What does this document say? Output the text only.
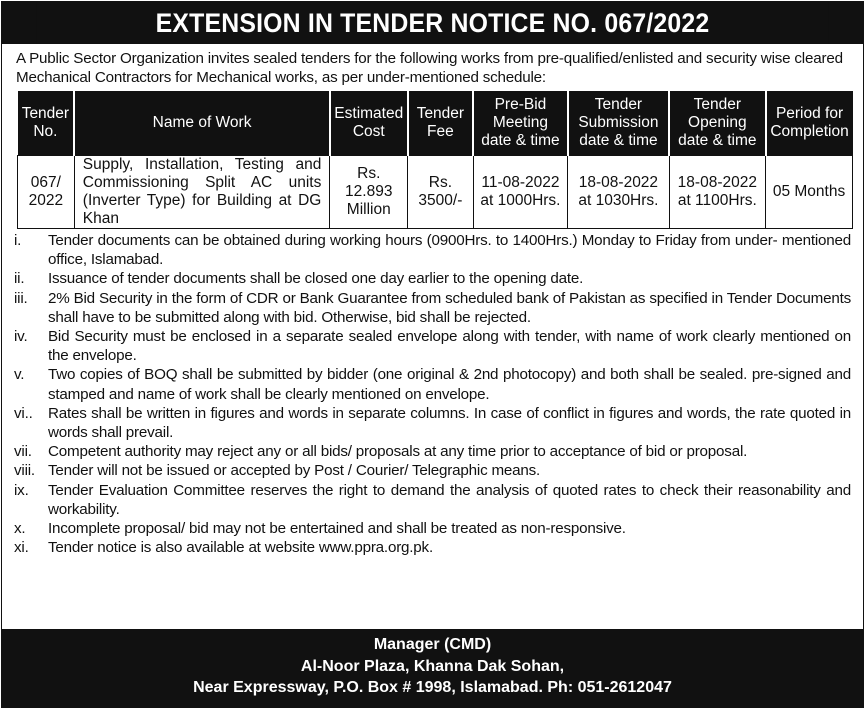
EXTENSION IN TENDER NOTICE NO. 067/2022
A Public Sector Organization invites sealed tenders for the following works from pre-qualified/enlisted and security wise cleared Mechanical Contractors for Mechanical works, as per under-mentioned schedule:
Tender No.	Name of Work	Estimated Cost	Tender Fee	Pre-Bid Meeting date & time	Tender Submission date & time	Tender Opening date & time	Period for Completion
067/ 2022	Supply, Installation, Testing and Commissioning Split AC units (Inverter Type) for Building at DG Khan	Rs. 12.893 Million	Rs. 3500/-	11-08-2022 at 1000Hrs.	18-08-2022 at 1030Hrs.	18-08-2022 at 1100Hrs.	05 Months
i.	Tender documents can be obtained during working hours (0900Hrs. to 1400Hrs.) Monday to Friday from under- mentioned office, Islamabad.
ii.	Issuance of tender documents shall be closed one day earlier to the opening date.
iii.	2% Bid Security in the form of CDR or Bank Guarantee from scheduled bank of Pakistan as specified in Tender Documents shall have to be submitted along with bid. Otherwise, bid shall be rejected.
iv.	Bid Security must be enclosed in a separate sealed envelope along with tender, with name of work clearly mentioned on the envelope.
v.	Two copies of BOQ shall be submitted by bidder (one original & 2nd photocopy) and both shall be sealed. pre-signed and stamped and name of work shall be clearly mentioned on envelope.
vi..	Rates shall be written in figures and words in separate columns. In case of conflict in figures and words, the rate quoted in words shall prevail.
vii.	Competent authority may reject any or all bids/ proposals at any time prior to acceptance of bid or proposal.
viii. Tender will not be issued or accepted by Post / Courier/ Telegraphic means.
ix.	Tender Evaluation Committee reserves the right to demand the analysis of quoted rates to check their reasonability and workability.
x.	Incomplete proposal/ bid may not be entertained and shall be treated as non-responsive.
xi.	Tender notice is also available at website www.ppra.org.pk.
Manager (CMD)
Al-Noor Plaza, Khanna Dak Sohan,
Near Expressway, P.O. Box # 1998, Islamabad. Ph: 051-2612047
